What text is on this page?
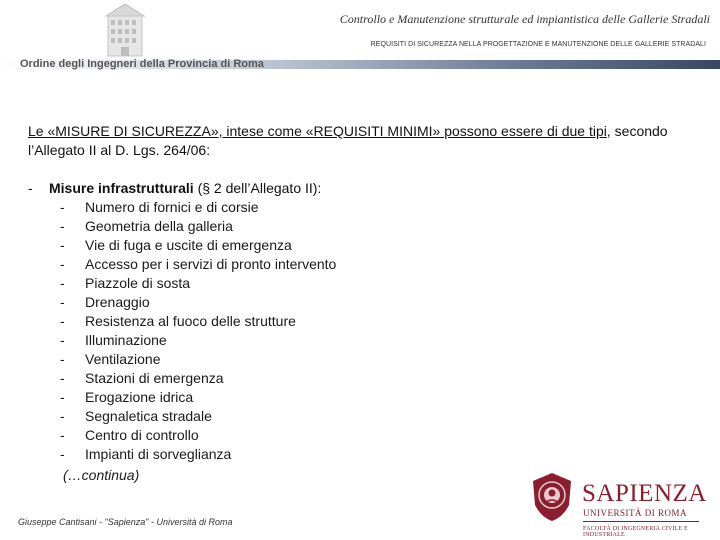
Controllo e Manutenzione strutturale ed impiantistica delle Gallerie Stradali
REQUISITI DI SICUREZZA NELLA PROGETTAZIONE E MANUTENZIONE DELLE GALLERIE STRADALI
Ordine degli Ingegneri della Provincia di Roma
Le «MISURE DI SICUREZZA», intese come «REQUISITI MINIMI» possono essere di due tipi, secondo l’Allegato II al D. Lgs. 264/06:
- Misure infrastrutturali (§ 2 dell’Allegato II):
- Numero di fornici e di corsie
- Geometria della galleria
- Vie di fuga e uscite di emergenza
- Accesso per i servizi di pronto intervento
- Piazzole di sosta
- Drenaggio
- Resistenza al fuoco delle strutture
- Illuminazione
- Ventilazione
- Stazioni di emergenza
- Erogazione idrica
- Segnaletica stradale
- Centro di controllo
- Impianti di sorveglianza
(…continua)
Giuseppe Cantisani - "Sapienza" - Università di Roma
SAPIENZA
UNIVERSITÀ DI ROMA
FACOLTÀ DI INGEGNERIA CIVILE E INDUSTRIALE
